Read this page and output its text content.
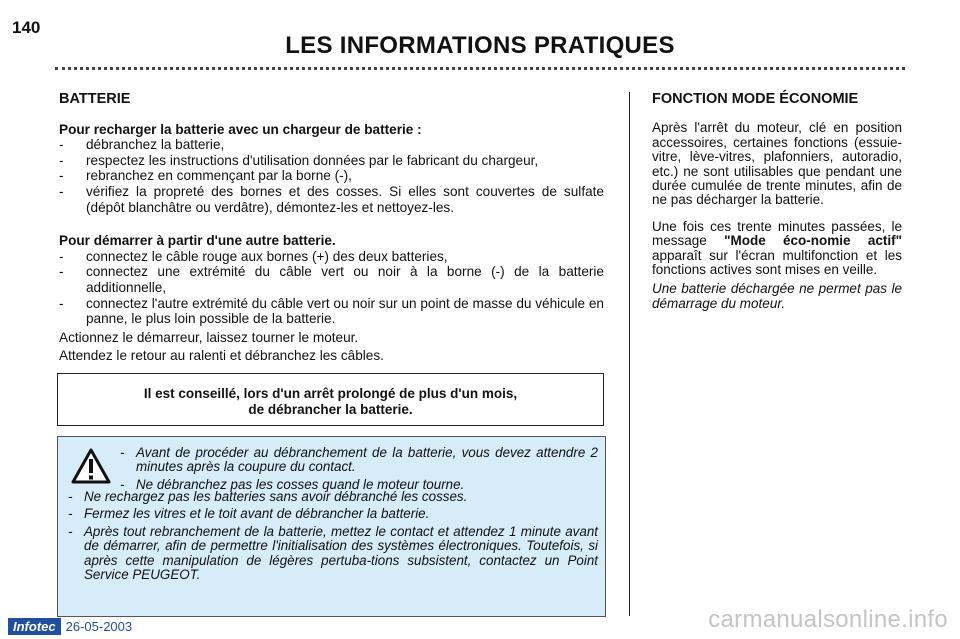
140
LES INFORMATIONS PRATIQUES
BATTERIE
Pour recharger la batterie avec un chargeur de batterie :
- débranchez la batterie,
- respectez les instructions d'utilisation données par le fabricant du chargeur,
- rebranchez en commençant par la borne (-),
- vérifiez la propreté des bornes et des cosses. Si elles sont couvertes de sulfate (dépôt blanchâtre ou verdâtre), démontez-les et nettoyez-les.
Pour démarrer à partir d'une autre batterie.
- connectez le câble rouge aux bornes (+) des deux batteries,
- connectez une extrémité du câble vert ou noir à la borne (-) de la batterie additionnelle,
- connectez l'autre extrémité du câble vert ou noir sur un point de masse du véhicule en panne, le plus loin possible de la batterie.

Actionnez le démarreur, laissez tourner le moteur.

Attendez le retour au ralenti et débranchez les câbles.

Il est conseillé, lors d'un arrêt prolongé de plus d'un mois,
de débrancher la batterie.
- Avant de procéder au débranchement de la batterie, vous devez attendre 2 minutes après la coupure du contact.
- Ne débranchez pas les cosses quand le moteur tourne.
- Ne rechargez pas les batteries sans avoir débranché les cosses.
- Fermez les vitres et le toit avant de débrancher la batterie.
- Après tout rebranchement de la batterie, mettez le contact et attendez 1 minute avant de démarrer, afin de permettre l'initialisation des systèmes électroniques. Toutefois, si après cette manipulation de légères pertuba-tions subsistent, contactez un Point Service PEUGEOT.
FONCTION MODE ÉCONOMIE

Après l'arrêt du moteur, clé en position accessoires, certaines fonctions (essuie-vitre, lève-vitres, plafonniers, autoradio, etc.) ne sont utilisables que pendant une durée cumulée de trente minutes, afin de ne pas décharger la batterie.

Une fois ces trente minutes passées, le message "Mode éco-nomie actif" apparaît sur l'écran multifonction et les fonctions actives sont mises en veille.

Une batterie déchargée ne permet pas le démarrage du moteur.

Infotec 26-05-2003	carmanualsonline.info
